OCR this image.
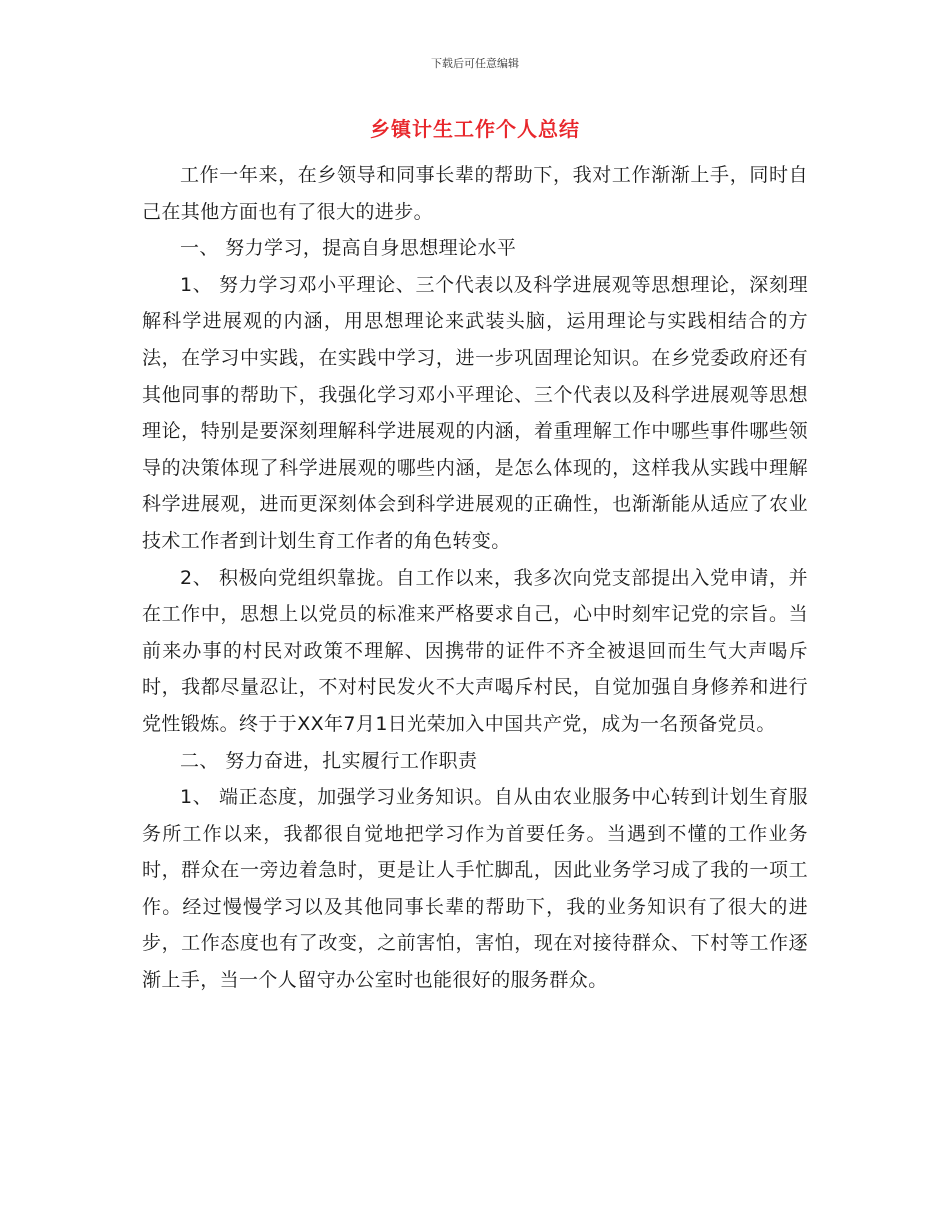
下载后可任意编辑
乡镇计生工作个人总结

工作一年来，在乡领导和同事长辈的帮助下，我对工作渐渐上手，同时自己在其他方面也有了很大的进步。

一、 努力学习，提高自身思想理论水平

1、 努力学习邓小平理论、三个代表以及科学进展观等思想理论，深刻理解科学进展观的内涵，用思想理论来武装头脑，运用理论与实践相结合的方法，在学习中实践，在实践中学习，进一步巩固理论知识。在乡党委政府还有其他同事的帮助下，我强化学习邓小平理论、三个代表以及科学进展观等思想理论，特别是要深刻理解科学进展观的内涵，着重理解工作中哪些事件哪些领导的决策体现了科学进展观的哪些内涵，是怎么体现的，这样我从实践中理解科学进展观，进而更深刻体会到科学进展观的正确性，也渐渐能从适应了农业技术工作者到计划生育工作者的角色转变。

2、 积极向党组织靠拢。自工作以来，我多次向党支部提出入党申请，并在工作中，思想上以党员的标准来严格要求自己，心中时刻牢记党的宗旨。当前来办事的村民对政策不理解、因携带的证件不齐全被退回而生气大声喝斥时，我都尽量忍让，不对村民发火不大声喝斥村民，自觉加强自身修养和进行党性锻炼。终于于XX年7月1日光荣加入中国共产党，成为一名预备党员。

二、 努力奋进，扎实履行工作职责

1、 端正态度，加强学习业务知识。自从由农业服务中心转到计划生育服务所工作以来，我都很自觉地把学习作为首要任务。当遇到不懂的工作业务时，群众在一旁边着急时，更是让人手忙脚乱，因此业务学习成了我的一项工作。经过慢慢学习以及其他同事长辈的帮助下，我的业务知识有了很大的进步，工作态度也有了改变，之前害怕，害怕，现在对接待群众、下村等工作逐渐上手，当一个人留守办公室时也能很好的服务群众。
